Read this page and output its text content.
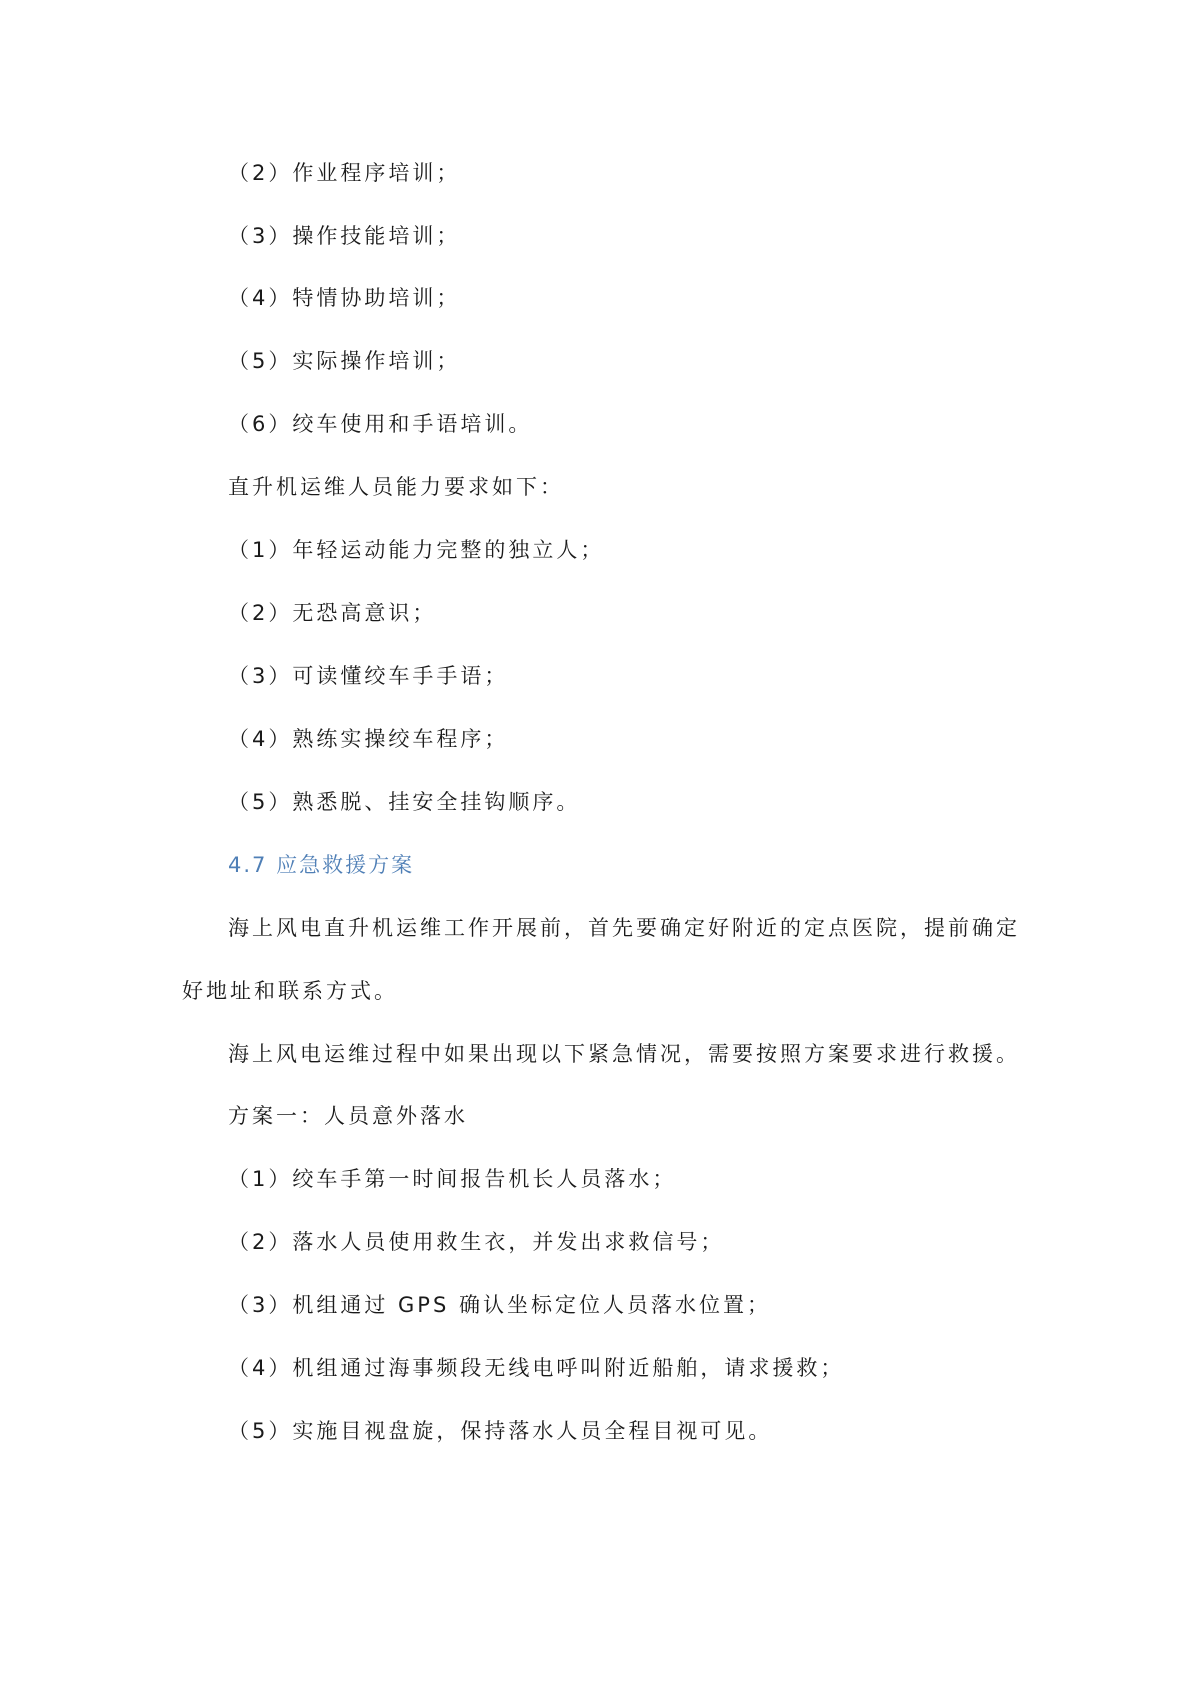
（2）作业程序培训；
（3）操作技能培训；
（4）特情协助培训；
（5）实际操作培训；
（6）绞车使用和手语培训。
直升机运维人员能力要求如下：
（1）年轻运动能力完整的独立人；
（2）无恐高意识；
（3）可读懂绞车手手语；
（4）熟练实操绞车程序；
（5）熟悉脱、挂安全挂钩顺序。
4.7 应急救援方案
海上风电直升机运维工作开展前，首先要确定好附近的定点医院，提前确定
好地址和联系方式。
海上风电运维过程中如果出现以下紧急情况，需要按照方案要求进行救援。
方案一：人员意外落水
（1）绞车手第一时间报告机长人员落水；
（2）落水人员使用救生衣，并发出求救信号；
（3）机组通过 GPS 确认坐标定位人员落水位置；
（4）机组通过海事频段无线电呼叫附近船舶，请求援救；
（5）实施目视盘旋，保持落水人员全程目视可见。
